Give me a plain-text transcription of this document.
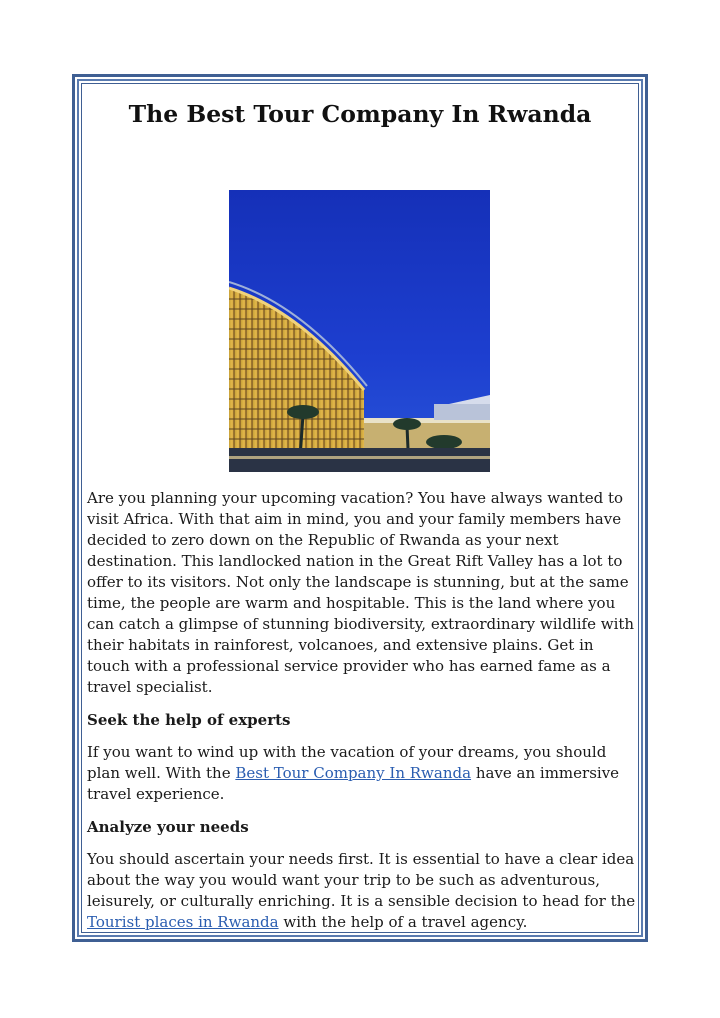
The Best Tour Company In Rwanda

Are you planning your upcoming vacation? You have always wanted to visit Africa. With that aim in mind, you and your family members have decided to zero down on the Republic of Rwanda as your next destination. This landlocked nation in the Great Rift Valley has a lot to offer to its visitors. Not only the landscape is stunning, but at the same time, the people are warm and hospitable. This is the land where you can catch a glimpse of stunning biodiversity, extraordinary wildlife with their habitats in rainforest, volcanoes, and extensive plains. Get in touch with a professional service provider who has earned fame as a travel specialist.

Seek the help of experts

If you want to wind up with the vacation of your dreams, you should plan well. With the Best Tour Company In Rwanda have an immersive travel experience.

Analyze your needs

You should ascertain your needs first. It is essential to have a clear idea about the way you would want your trip to be such as adventurous, leisurely, or culturally enriching. It is a sensible decision to head for the Tourist places in Rwanda with the help of a travel agency.
